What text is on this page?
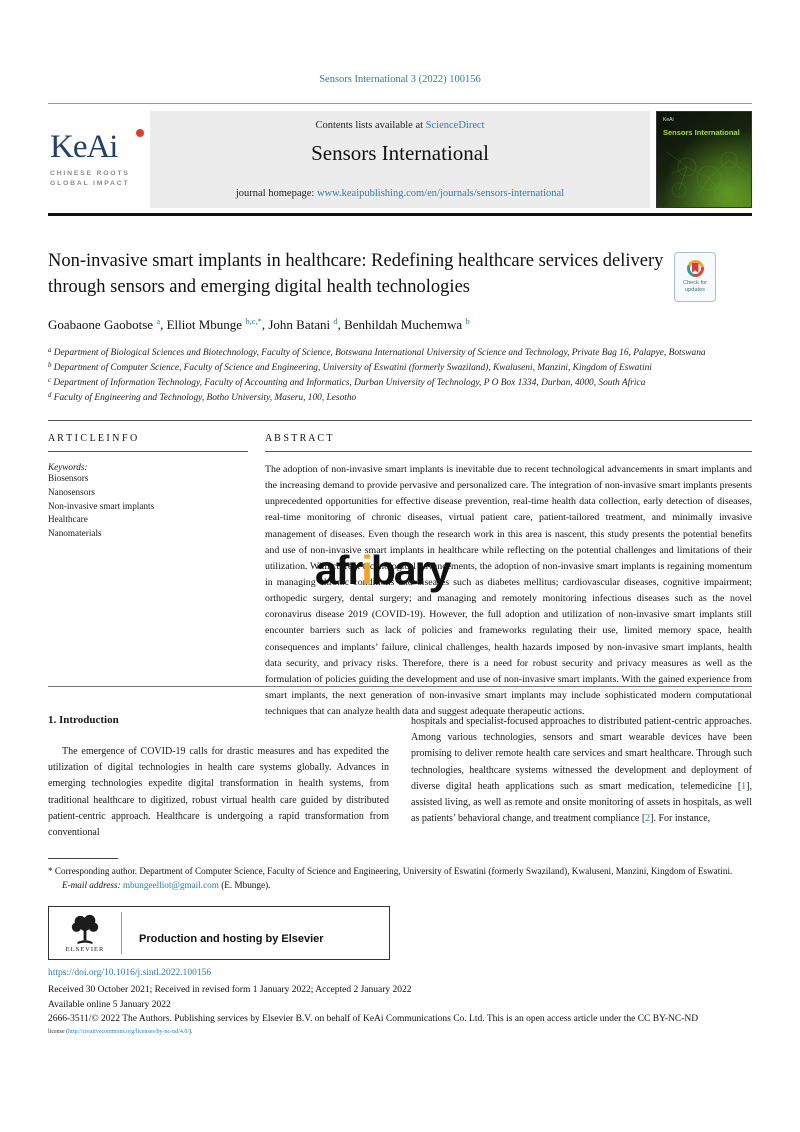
Sensors International 3 (2022) 100156
KeAi
CHINESE ROOTS
GLOBAL IMPACT
Contents lists available at ScienceDirect
Sensors International
journal homepage: www.keaipublishing.com/en/journals/sensors-international
KeAi
Sensors International
Non-invasive smart implants in healthcare: Redefining healthcare services delivery through sensors and emerging digital health technologies	Check for
updates
Goabaone Gaobotse $^a$, Elliot Mbunge $^{b,c,*}$, John Batani $^d$, Benhildah Muchemwa $^b$
$^a$ Department of Biological Sciences and Biotechnology, Faculty of Science, Botswana International University of Science and Technology, Private Bag 16, Palapye, Botswana
$^b$ Department of Computer Science, Faculty of Science and Engineering, University of Eswatini (formerly Swaziland), Kwaluseni, Manzini, Kingdom of Eswatini
$^c$ Department of Information Technology, Faculty of Accounting and Informatics, Durban University of Technology, P O Box 1334, Durban, 4000, South Africa
$^d$ Faculty of Engineering and Technology, Botho University, Maseru, 100, Lesotho
A R T I C L E I N F O
Keywords:
Biosensors
Nanosensors
Non-invasive smart implants
Healthcare
Nanomaterials
A B S T R A C T
The adoption of non-invasive smart implants is inevitable due to recent technological advancements in smart implants and the increasing demand to provide pervasive and personalized care. The integration of non-invasive smart implants presents unprecedented opportunities for effective disease prevention, real-time health data collection, early detection of diseases, real-time monitoring of chronic diseases, virtual patient care, patient-tailored treatment, and minimally invasive management of diseases. Even though the research work in this area is nascent, this study presents the potential benefits and use of non-invasive smart implants in healthcare while reflecting on the potential challenges and limitations of their utilization. With current technological advancements, the adoption of non-invasive smart implants is regaining momentum in managing chronic conditions and diseases such as diabetes mellitus; cardiovascular diseases, cognitive impairment; orthopedic surgery, dental surgery; and managing and remotely monitoring infectious diseases such as the novel coronavirus disease 2019 (COVID-19). However, the full adoption and utilization of non-invasive smart implants still encounter barriers such as lack of policies and frameworks regulating their use, limited memory space, health consequences and implants’ failure, clinical challenges, health hazards imposed by non-invasive smart implants, health data security, and privacy risks. Therefore, there is a need for robust security and privacy measures as well as the formulation of policies guiding the development and use of non-invasive smart implants. With the gained experience from smart implants, the next generation of non-invasive smart implants may include sophisticated modern computational techniques that can analyze health data and suggest adequate therapeutic actions.
afribary
1. Introduction

The emergence of COVID-19 calls for drastic measures and has expedited the utilization of digital technologies in health care systems globally. Advances in emerging technologies expedite digital transformation in health systems, from traditional healthcare to digitized, robust virtual health care guided by distributed patient-centric approach. Healthcare is undergoing a rapid transformation from conventional

hospitals and specialist-focused approaches to distributed patient-centric approaches. Among various technologies, sensors and smart wearable devices have been promising to deliver remote health care services and smart healthcare. Through such technologies, healthcare systems witnessed the development and deployment of diverse digital heath applications such as smart medication, telemedicine [1], assisted living, as well as remote and onsite monitoring of assets in hospitals, as well as patients’ behavioral change, and treatment compliance [2]. For instance,

* Corresponding author. Department of Computer Science, Faculty of Science and Engineering, University of Eswatini (formerly Swaziland), Kwaluseni, Manzini, Kingdom of Eswatini.
E-mail address: mbungeelliot@gmail.com (E. Mbunge).
ELSEVIER
Production and hosting by Elsevier
https://doi.org/10.1016/j.sintl.2022.100156
Received 30 October 2021; Received in revised form 1 January 2022; Accepted 2 January 2022
Available online 5 January 2022
2666-3511/© 2022 The Authors. Publishing services by Elsevier B.V. on behalf of KeAi Communications Co. Ltd. This is an open access article under the CC BY-NC-ND
license (http://creativecommons.org/licenses/by-nc-nd/4.0/).
